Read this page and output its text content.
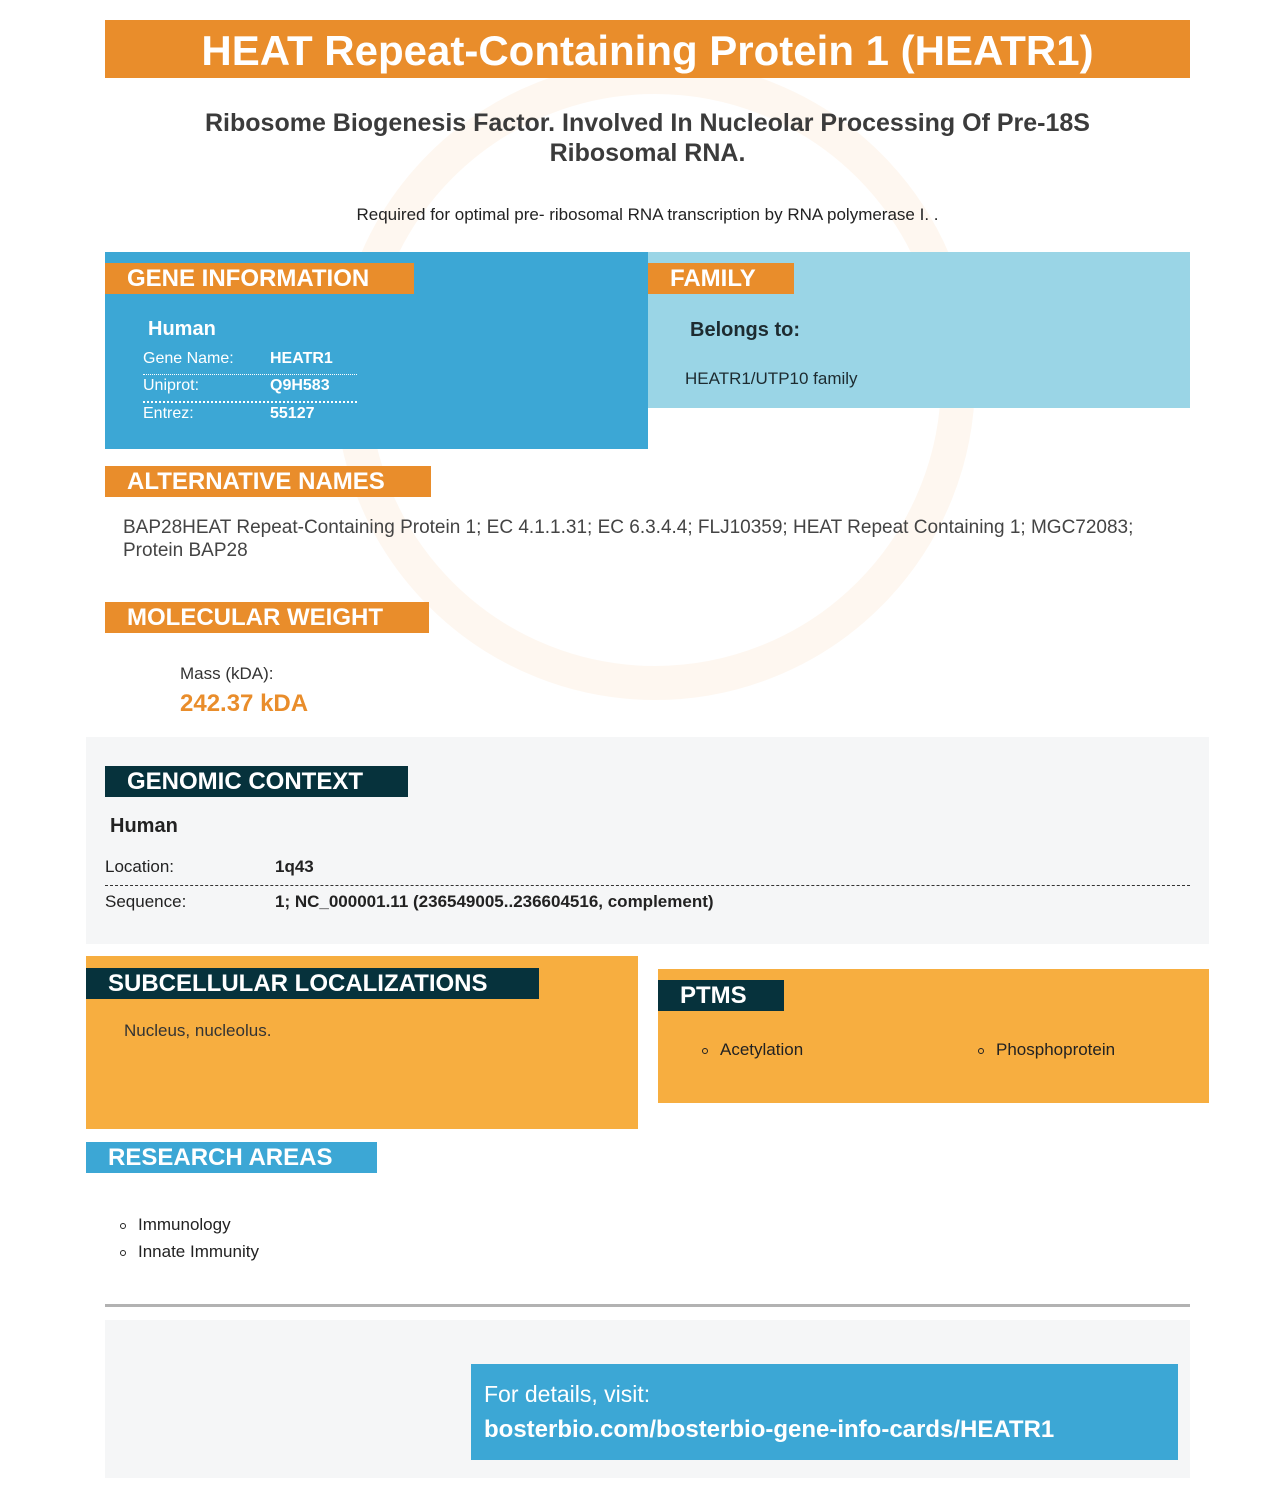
HEAT Repeat-Containing Protein 1 (HEATR1)
Ribosome Biogenesis Factor. Involved In Nucleolar Processing Of Pre-18S Ribosomal RNA.
Required for optimal pre- ribosomal RNA transcription by RNA polymerase I. .
GENE INFORMATION
Human
Gene Name: HEATR1
Uniprot:	Q9H583
Entrez:	55127
FAMILY
Belongs to:
HEATR1/UTP10 family
ALTERNATIVE NAMES
BAP28HEAT Repeat-Containing Protein 1; EC 4.1.1.31; EC 6.3.4.4; FLJ10359; HEAT Repeat Containing 1; MGC72083; Protein BAP28
MOLECULAR WEIGHT
Mass (kDA):
242.37 kDA
GENOMIC CONTEXT
Human
Location:	1q43
Sequence:	1; NC_000001.11 (236549005..236604516, complement)
SUBCELLULAR LOCALIZATIONS
Nucleus, nucleolus.
PTMS
Acetylation	Phosphoprotein
RESEARCH AREAS
Immunology
Innate Immunity
For details, visit:
bosterbio.com/bosterbio-gene-info-cards/HEATR1
